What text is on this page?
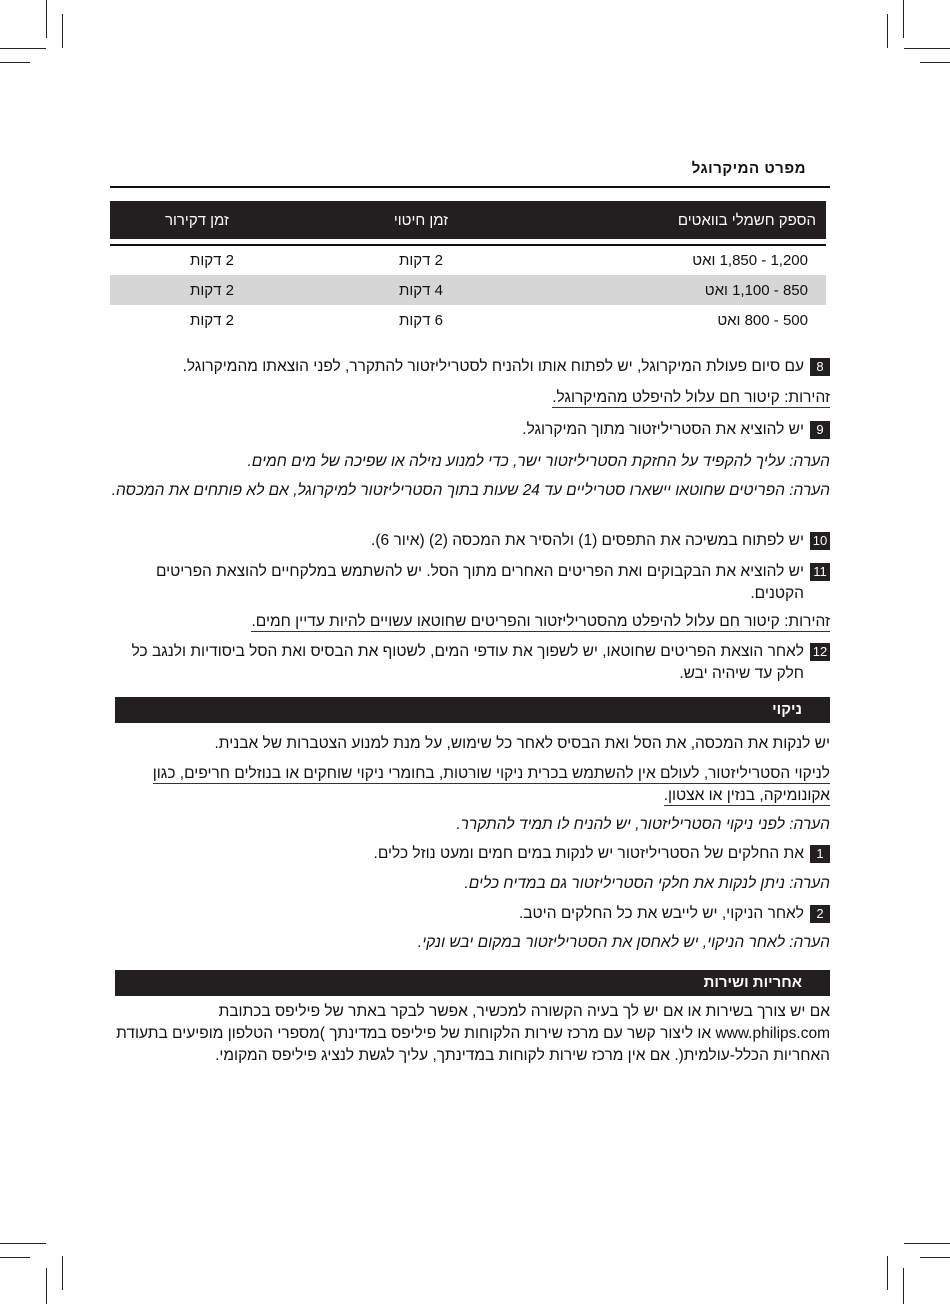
מפרט המיקרוגל
הספק חשמלי בוואטים	זמן חיטוי	זמן דקירור

1,200 - 1,850 ואט	2 דקות	2 דקות
850 - 1,100 ואט	4 דקות	2 דקות
500 - 800 ואט	6 דקות	2 דקות
8
עם סיום פעולת המיקרוגל, יש לפתוח אותו ולהניח לסטריליזטור להתקרר, לפני הוצאתו מהמיקרוגל.
זהירות: קיטור חם עלול להיפלט מהמיקרוגל.
9
יש להוציא את הסטריליזטור מתוך המיקרוגל.
הערה: עליך להקפיד על החזקת הסטריליזטור ישר, כדי למנוע נזילה או שפיכה של מים חמים.
הערה: הפריטים שחוטאו יישארו סטריליים עד 24 שעות בתוך הסטריליזטור למיקרוגל, אם לא פותחים את המכסה.
10
יש לפתוח במשיכה את התפסים (1) ולהסיר את המכסה (2) (איור 6).
11
יש להוציא את הבקבוקים ואת הפריטים האחרים מתוך הסל. יש להשתמש במלקחיים להוצאת הפריטים הקטנים.
זהירות: קיטור חם עלול להיפלט מהסטריליזטור והפריטים שחוטאו עשויים להיות עדיין חמים.
12
לאחר הוצאת הפריטים שחוטאו, יש לשפוך את עודפי המים, לשטוף את הבסיס ואת הסל ביסודיות ולנגב כל חלק עד שיהיה יבש.
ניקוי
יש לנקות את המכסה, את הסל ואת הבסיס לאחר כל שימוש, על מנת למנוע הצטברות של אבנית.
לניקוי הסטריליזטור, לעולם אין להשתמש בכרית ניקוי שורטות, בחומרי ניקוי שוחקים או בנוזלים חריפים, כגון אקונומיקה, בנזין או אצטון.
הערה: לפני ניקוי הסטריליזטור, יש להניח לו תמיד להתקרר.
1
את החלקים של הסטריליזטור יש לנקות במים חמים ומעט נוזל כלים.
הערה: ניתן לנקות את חלקי הסטריליזטור גם במדיח כלים.
2
לאחר הניקוי, יש לייבש את כל החלקים היטב.
הערה: לאחר הניקוי, יש לאחסן את הסטריליזטור במקום יבש ונקי.
אחריות ושירות
אם יש צורך בשירות או אם יש לך בעיה הקשורה למכשיר, אפשר לבקר באתר של פיליפס בכתובת www.philips.com או ליצור קשר עם מרכז שירות הלקוחות של פיליפס במדינתך )מספרי הטלפון מופיעים בתעודת האחריות הכלל-עולמית(. אם אין מרכז שירות לקוחות במדינתך, עליך לגשת לנציג פיליפס המקומי.
